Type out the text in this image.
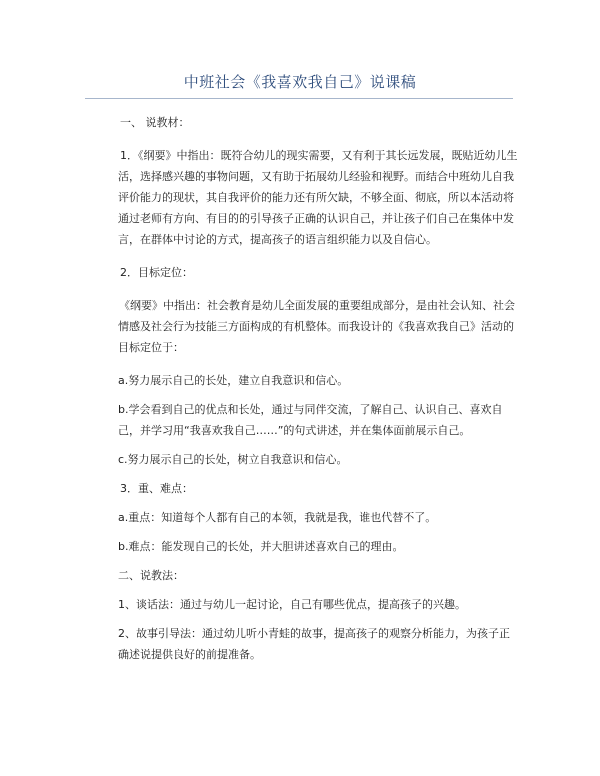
中班社会《我喜欢我自己》说课稿

一、 说教材：

1．《纲要》中指出：既符合幼儿的现实需要，又有利于其长远发展，既贴近幼儿生活，选择感兴趣的事物问题，又有助于拓展幼儿经验和视野。而结合中班幼儿自我评价能力的现状，其自我评价的能力还有所欠缺，不够全面、彻底，所以本活动将通过老师有方向、有目的的引导孩子正确的认识自己，并让孩子们自己在集体中发言，在群体中讨论的方式，提高孩子的语言组织能力以及自信心。

2．目标定位：

《纲要》中指出：社会教育是幼儿全面发展的重要组成部分，是由社会认知、社会情感及社会行为技能三方面构成的有机整体。而我设计的《我喜欢我自己》活动的目标定位于：

a.努力展示自己的长处，建立自我意识和信心。

b.学会看到自己的优点和长处，通过与同伴交流，了解自己、认识自己、喜欢自己，并学习用“我喜欢我自己……”的句式讲述，并在集体面前展示自己。

c.努力展示自己的长处，树立自我意识和信心。

3．重、难点：

a.重点：知道每个人都有自己的本领，我就是我，谁也代替不了。

b.难点：能发现自己的长处，并大胆讲述喜欢自己的理由。

二、说教法：

1、谈话法：通过与幼儿一起讨论，自己有哪些优点，提高孩子的兴趣。

2、故事引导法：通过幼儿听小青蛙的故事，提高孩子的观察分析能力，为孩子正确述说提供良好的前提准备。
